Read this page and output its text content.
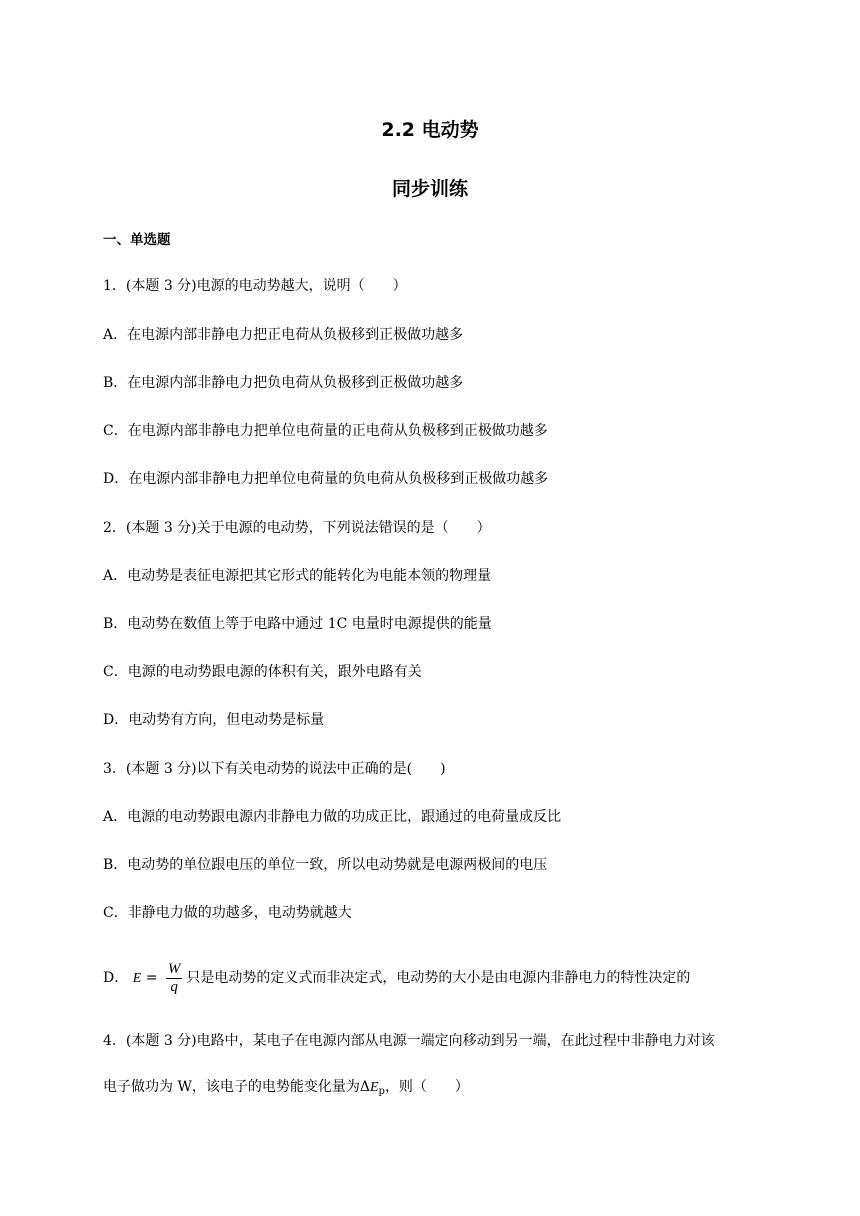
2.2 电动势
同步训练
一、单选题
1．(本题 3 分)电源的电动势越大，说明（　　）
A．在电源内部非静电力把正电荷从负极移到正极做功越多
B．在电源内部非静电力把负电荷从负极移到正极做功越多
C．在电源内部非静电力把单位电荷量的正电荷从负极移到正极做功越多
D．在电源内部非静电力把单位电荷量的负电荷从负极移到正极做功越多
2．(本题 3 分)关于电源的电动势，下列说法错误的是（　　）
A．电动势是表征电源把其它形式的能转化为电能本领的物理量
B．电动势在数值上等于电路中通过 1C 电量时电源提供的能量
C．电源的电动势跟电源的体积有关，跟外电路有关
D．电动势有方向，但电动势是标量
3．(本题 3 分)以下有关电动势的说法中正确的是(　　)
A．电源的电动势跟电源内非静电力做的功成正比，跟通过的电荷量成反比
B．电动势的单位跟电压的单位一致，所以电动势就是电源两极间的电压
C．非静电力做的功越多，电动势就越大
D． $E = \frac{W}{q}$ 只是电动势的定义式而非决定式，电动势的大小是由电源内非静电力的特性决定的
4．(本题 3 分)电路中，某电子在电源内部从电源一端定向移动到另一端，在此过程中非静电力对该
电子做功为 W，该电子的电势能变化量为$\Delta E_p$，则（　　）
